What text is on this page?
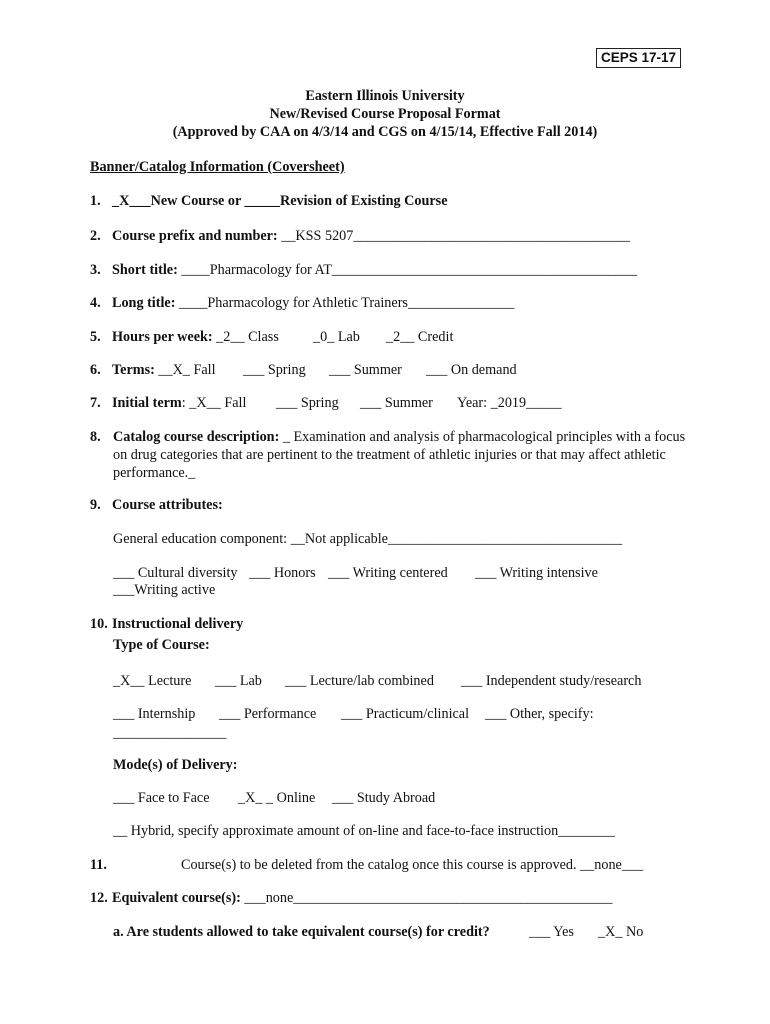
CEPS 17-17
Eastern Illinois University
New/Revised Course Proposal Format
(Approved by CAA on 4/3/14 and CGS on 4/15/14, Effective Fall 2014)
Banner/Catalog Information (Coversheet)
1. _X___New Course or _____Revision of Existing Course
2. Course prefix and number: __KSS 5207_______________________________________
3. Short title: ____Pharmacology for AT___________________________________________
4. Long title: ____Pharmacology for Athletic Trainers_______________
5. Hours per week: _2__ Class _0_ Lab _2__ Credit
6. Terms: __X_ Fall ___ Spring ___ Summer ___ On demand
7. Initial term: _X__ Fall ___ Spring ___ Summer Year: _2019_____
8. Catalog course description: _ Examination and analysis of pharmacological principles with a focus on drug categories that are pertinent to the treatment of athletic injuries or that may affect athletic performance._
9. Course attributes:
General education component: __Not applicable_________________________________
___ Cultural diversity ___ Honors ___ Writing centered ___ Writing intensive
___Writing active
10. Instructional delivery
Type of Course:
_X__ Lecture ___ Lab ___ Lecture/lab combined ___ Independent study/research
___ Internship ___ Performance ___ Practicum/clinical ___ Other, specify:
________________
Mode(s) of Delivery:
___ Face to Face _X_ _ Online ___ Study Abroad
__ Hybrid, specify approximate amount of on-line and face-to-face instruction________
11.	Course(s) to be deleted from the catalog once this course is approved. __none___
12. Equivalent course(s): ___none_____________________________________________
a. Are students allowed to take equivalent course(s) for credit?	___ Yes _X_ No
